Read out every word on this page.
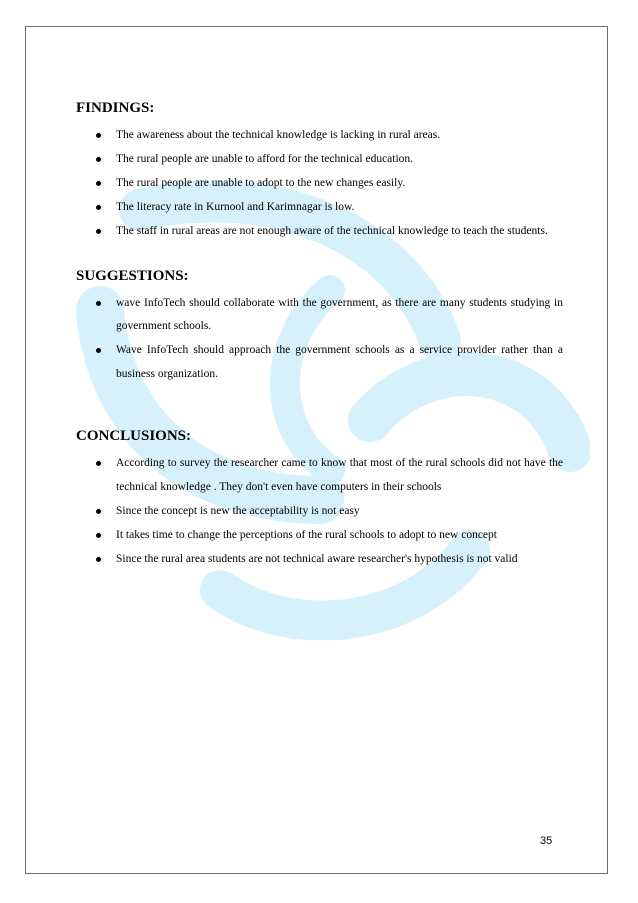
FINDINGS:
The awareness about the technical knowledge is lacking in rural areas.
The rural people are unable to afford for the technical education.
The rural people are unable to adopt to the new changes easily.
The literacy rate in Kurnool and Karimnagar is low.
The staff in rural areas are not enough aware of the technical knowledge to teach the students.
SUGGESTIONS:
wave InfoTech should collaborate with the government, as there are many students studying in government schools.
Wave InfoTech should approach the government schools as a service provider rather than a business organization.
CONCLUSIONS:
According to survey the researcher came to know that most of the rural schools did not have the technical knowledge . They don't even have computers in their schools
Since the concept is new the acceptability is not easy
It takes time to change the perceptions of the rural schools to adopt to new concept
Since the rural area students are not technical aware researcher's hypothesis is not valid
35
